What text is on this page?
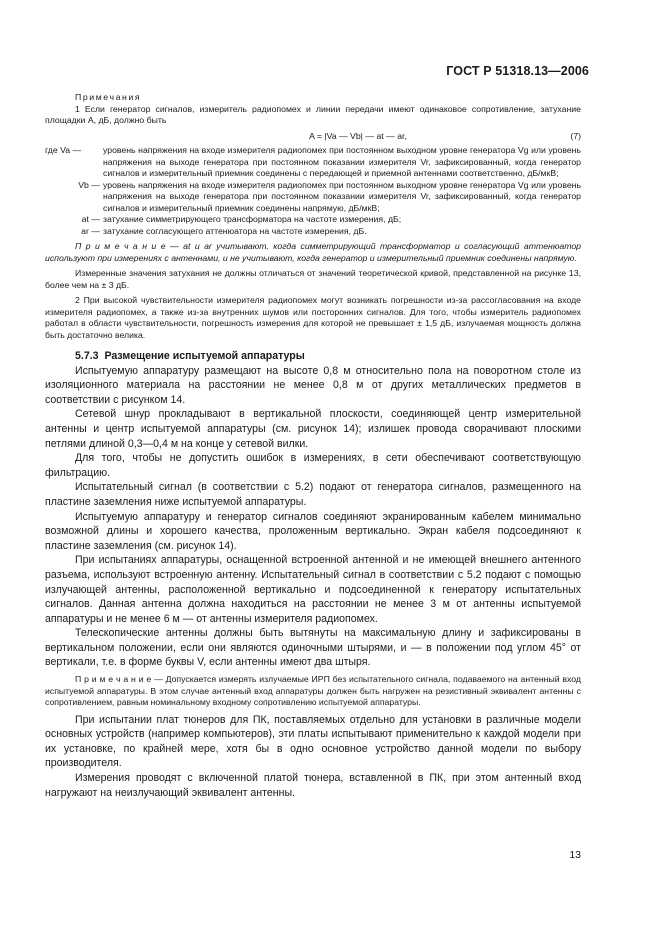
ГОСТ Р 51318.13—2006

Примечания

1 Если генератор сигналов, измеритель радиопомех и линии передачи имеют одинаковое сопротивление, затухание площадки A, дБ, должно быть

A = |Va — Vb| — at — ar,	(7)
где Va —	уровень напряжения на входе измерителя радиопомех при постоянном выходном уровне генератора Vg или уровень напряжения на выходе генератора при постоянном показании измерителя Vr, зафиксированный, когда генератор сигналов и измерительный приемник соединены с передающей и приемной антеннами соответственно, дБ/мкВ;
Vb — уровень напряжения на входе измерителя радиопомех при постоянном выходном уровне генератора Vg или уровень напряжения на выходе генератора при постоянном показании измерителя Vr, зафиксированный, когда генератор сигналов и измерительный приемник соединены напрямую, дБ/мкВ;
at — затухание симметрирующего трансформатора на частоте измерения, дБ;
ar — затухание согласующего аттенюатора на частоте измерения, дБ.

П р и м е ч а н и е — at и ar учитывают, когда симметрирующий трансформатор и согласующий аттенюатор используют при измерениях с антеннами, и не учитывают, когда генератор и измерительный приемник соединены напрямую.

Измеренные значения затухания не должны отличаться от значений теоретической кривой, представленной на рисунке 13, более чем на ± 3 дБ.

2 При высокой чувствительности измерителя радиопомех могут возникать погрешности из-за рассогласования на входе измерителя радиопомех, а также из-за внутренних шумов или посторонних сигналов. Для того, чтобы измеритель радиопомех работал в области чувствительности, погрешность измерения для которой не превышает ± 1,5 дБ, излучаемая мощность должна быть достаточно велика.

5.7.3 Размещение испытуемой аппаратуры

Испытуемую аппаратуру размещают на высоте 0,8 м относительно пола на поворотном столе из изоляционного материала на расстоянии не менее 0,8 м от других металлических предметов в соответствии с рисунком 14.

Сетевой шнур прокладывают в вертикальной плоскости, соединяющей центр измерительной антенны и центр испытуемой аппаратуры (см. рисунок 14); излишек провода сворачивают плоскими петлями длиной 0,3—0,4 м на конце у сетевой вилки.

Для того, чтобы не допустить ошибок в измерениях, в сети обеспечивают соответствующую фильтрацию.

Испытательный сигнал (в соответствии с 5.2) подают от генератора сигналов, размещенного на пластине заземления ниже испытуемой аппаратуры.

Испытуемую аппаратуру и генератор сигналов соединяют экранированным кабелем минимально возможной длины и хорошего качества, проложенным вертикально. Экран кабеля подсоединяют к пластине заземления (см. рисунок 14).

При испытаниях аппаратуры, оснащенной встроенной антенной и не имеющей внешнего антенного разъема, используют встроенную антенну. Испытательный сигнал в соответствии с 5.2 подают с помощью излучающей антенны, расположенной вертикально и подсоединенной к генератору испытательных сигналов. Данная антенна должна находиться на расстоянии не менее 3 м от антенны испытуемой аппаратуры и не менее 6 м — от антенны измерителя радиопомех.

Телескопические антенны должны быть вытянуты на максимальную длину и зафиксированы в вертикальном положении, если они являются одиночными штырями, и — в положении под углом 45° от вертикали, т.е. в форме буквы V, если антенны имеют два штыря.

П р и м е ч а н и е — Допускается измерять излучаемые ИРП без испытательного сигнала, подаваемого на антенный вход испытуемой аппаратуры. В этом случае антенный вход аппаратуры должен быть нагружен на резистивный эквивалент антенны с сопротивлением, равным номинальному входному сопротивлению испытуемой аппаратуры.

При испытании плат тюнеров для ПК, поставляемых отдельно для установки в различные модели основных устройств (например компьютеров), эти платы испытывают применительно к каждой модели при их установке, по крайней мере, хотя бы в одно основное устройство данной модели по выбору производителя.

Измерения проводят с включенной платой тюнера, вставленной в ПК, при этом антенный вход нагружают на неизлучающий эквивалент антенны.

13
